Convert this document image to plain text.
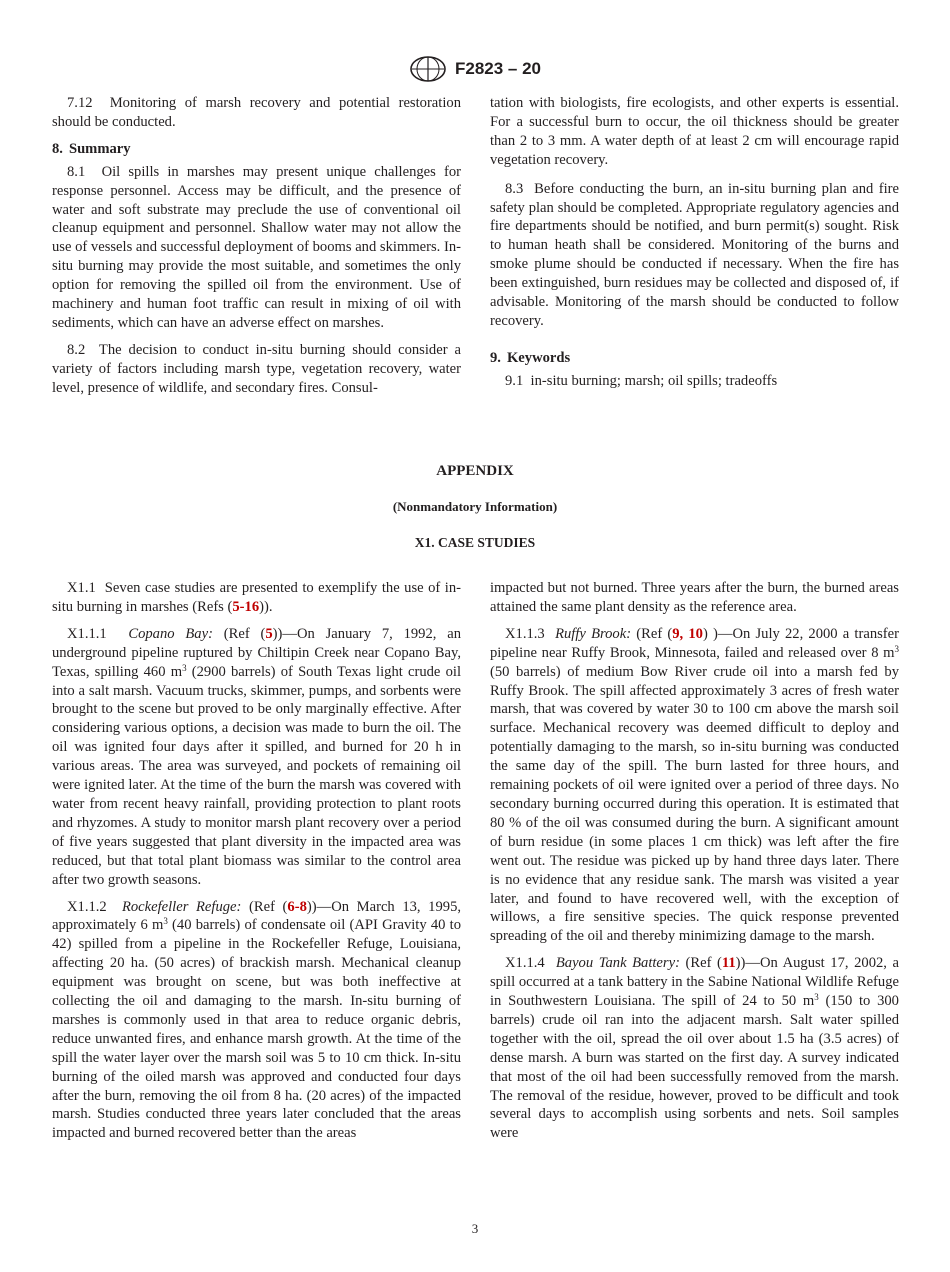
F2823 – 20

7.12 Monitoring of marsh recovery and potential restoration should be conducted.

8. Summary

8.1 Oil spills in marshes may present unique challenges for response personnel. Access may be difficult, and the presence of water and soft substrate may preclude the use of conventional oil cleanup equipment and personnel. Shallow water may not allow the use of vessels and successful deployment of booms and skimmers. In-situ burning may provide the most suitable, and sometimes the only option for removing the spilled oil from the environment. Use of machinery and human foot traffic can result in mixing of oil with sediments, which can have an adverse effect on marshes.

8.2 The decision to conduct in-situ burning should consider a variety of factors including marsh type, vegetation recovery, water level, presence of wildlife, and secondary fires. Consul-

tation with biologists, fire ecologists, and other experts is essential. For a successful burn to occur, the oil thickness should be greater than 2 to 3 mm. A water depth of at least 2 cm will encourage rapid vegetation recovery.

8.3 Before conducting the burn, an in-situ burning plan and fire safety plan should be completed. Appropriate regulatory agencies and fire departments should be notified, and burn permit(s) sought. Risk to human heath shall be considered. Monitoring of the burns and smoke plume should be conducted if necessary. When the fire has been extinguished, burn residues may be collected and disposed of, if advisable. Monitoring of the marsh should be conducted to follow recovery.

9. Keywords

9.1 in-situ burning; marsh; oil spills; tradeoffs

APPENDIX
(Nonmandatory Information)
X1. CASE STUDIES

X1.1 Seven case studies are presented to exemplify the use of in-situ burning in marshes (Refs (5-16)).

X1.1.1 Copano Bay: (Ref (5))—On January 7, 1992, an underground pipeline ruptured by Chiltipin Creek near Copano Bay, Texas, spilling 460 $m^3$ (2900 barrels) of South Texas light crude oil into a salt marsh. Vacuum trucks, skimmer, pumps, and sorbents were brought to the scene but proved to be only marginally effective. After considering various options, a decision was made to burn the oil. The oil was ignited four days after it spilled, and burned for 20 h in various areas. The area was surveyed, and pockets of remaining oil were ignited later. At the time of the burn the marsh was covered with water from recent heavy rainfall, providing protection to plant roots and rhyzomes. A study to monitor marsh plant recovery over a period of five years suggested that plant diversity in the impacted area was reduced, but that total plant biomass was similar to the control area after two growth seasons.

X1.1.2 Rockefeller Refuge: (Ref (6-8))—On March 13, 1995, approximately 6 $m^3$ (40 barrels) of condensate oil (API Gravity 40 to 42) spilled from a pipeline in the Rockefeller Refuge, Louisiana, affecting 20 ha. (50 acres) of brackish marsh. Mechanical cleanup equipment was brought on scene, but was both ineffective at collecting the oil and damaging to the marsh. In-situ burning of marshes is commonly used in that area to reduce organic debris, reduce unwanted fires, and enhance marsh growth. At the time of the spill the water layer over the marsh soil was 5 to 10 cm thick. In-situ burning of the oiled marsh was approved and conducted four days after the burn, removing the oil from 8 ha. (20 acres) of the impacted marsh. Studies conducted three years later concluded that the areas impacted and burned recovered better than the areas

impacted but not burned. Three years after the burn, the burned areas attained the same plant density as the reference area.

X1.1.3 Ruffy Brook: (Ref (9, 10) )—On July 22, 2000 a transfer pipeline near Ruffy Brook, Minnesota, failed and released over 8 $m^3$ (50 barrels) of medium Bow River crude oil into a marsh fed by Ruffy Brook. The spill affected approximately 3 acres of fresh water marsh, that was covered by water 30 to 100 cm above the marsh soil surface. Mechanical recovery was deemed difficult to deploy and potentially damaging to the marsh, so in-situ burning was conducted the same day of the spill. The burn lasted for three hours, and remaining pockets of oil were ignited over a period of three days. No secondary burning occurred during this operation. It is estimated that 80 % of the oil was consumed during the burn. A significant amount of burn residue (in some places 1 cm thick) was left after the fire went out. The residue was picked up by hand three days later. There is no evidence that any residue sank. The marsh was visited a year later, and found to have recovered well, with the exception of willows, a fire sensitive species. The quick response prevented spreading of the oil and thereby minimizing damage to the marsh.

X1.1.4 Bayou Tank Battery: (Ref (11))—On August 17, 2002, a spill occurred at a tank battery in the Sabine National Wildlife Refuge in Southwestern Louisiana. The spill of 24 to 50 $m^3$ (150 to 300 barrels) crude oil ran into the adjacent marsh. Salt water spilled together with the oil, spread the oil over about 1.5 ha (3.5 acres) of dense marsh. A burn was started on the first day. A survey indicated that most of the oil had been successfully removed from the marsh. The removal of the residue, however, proved to be difficult and took several days to accomplish using sorbents and nets. Soil samples were

3
